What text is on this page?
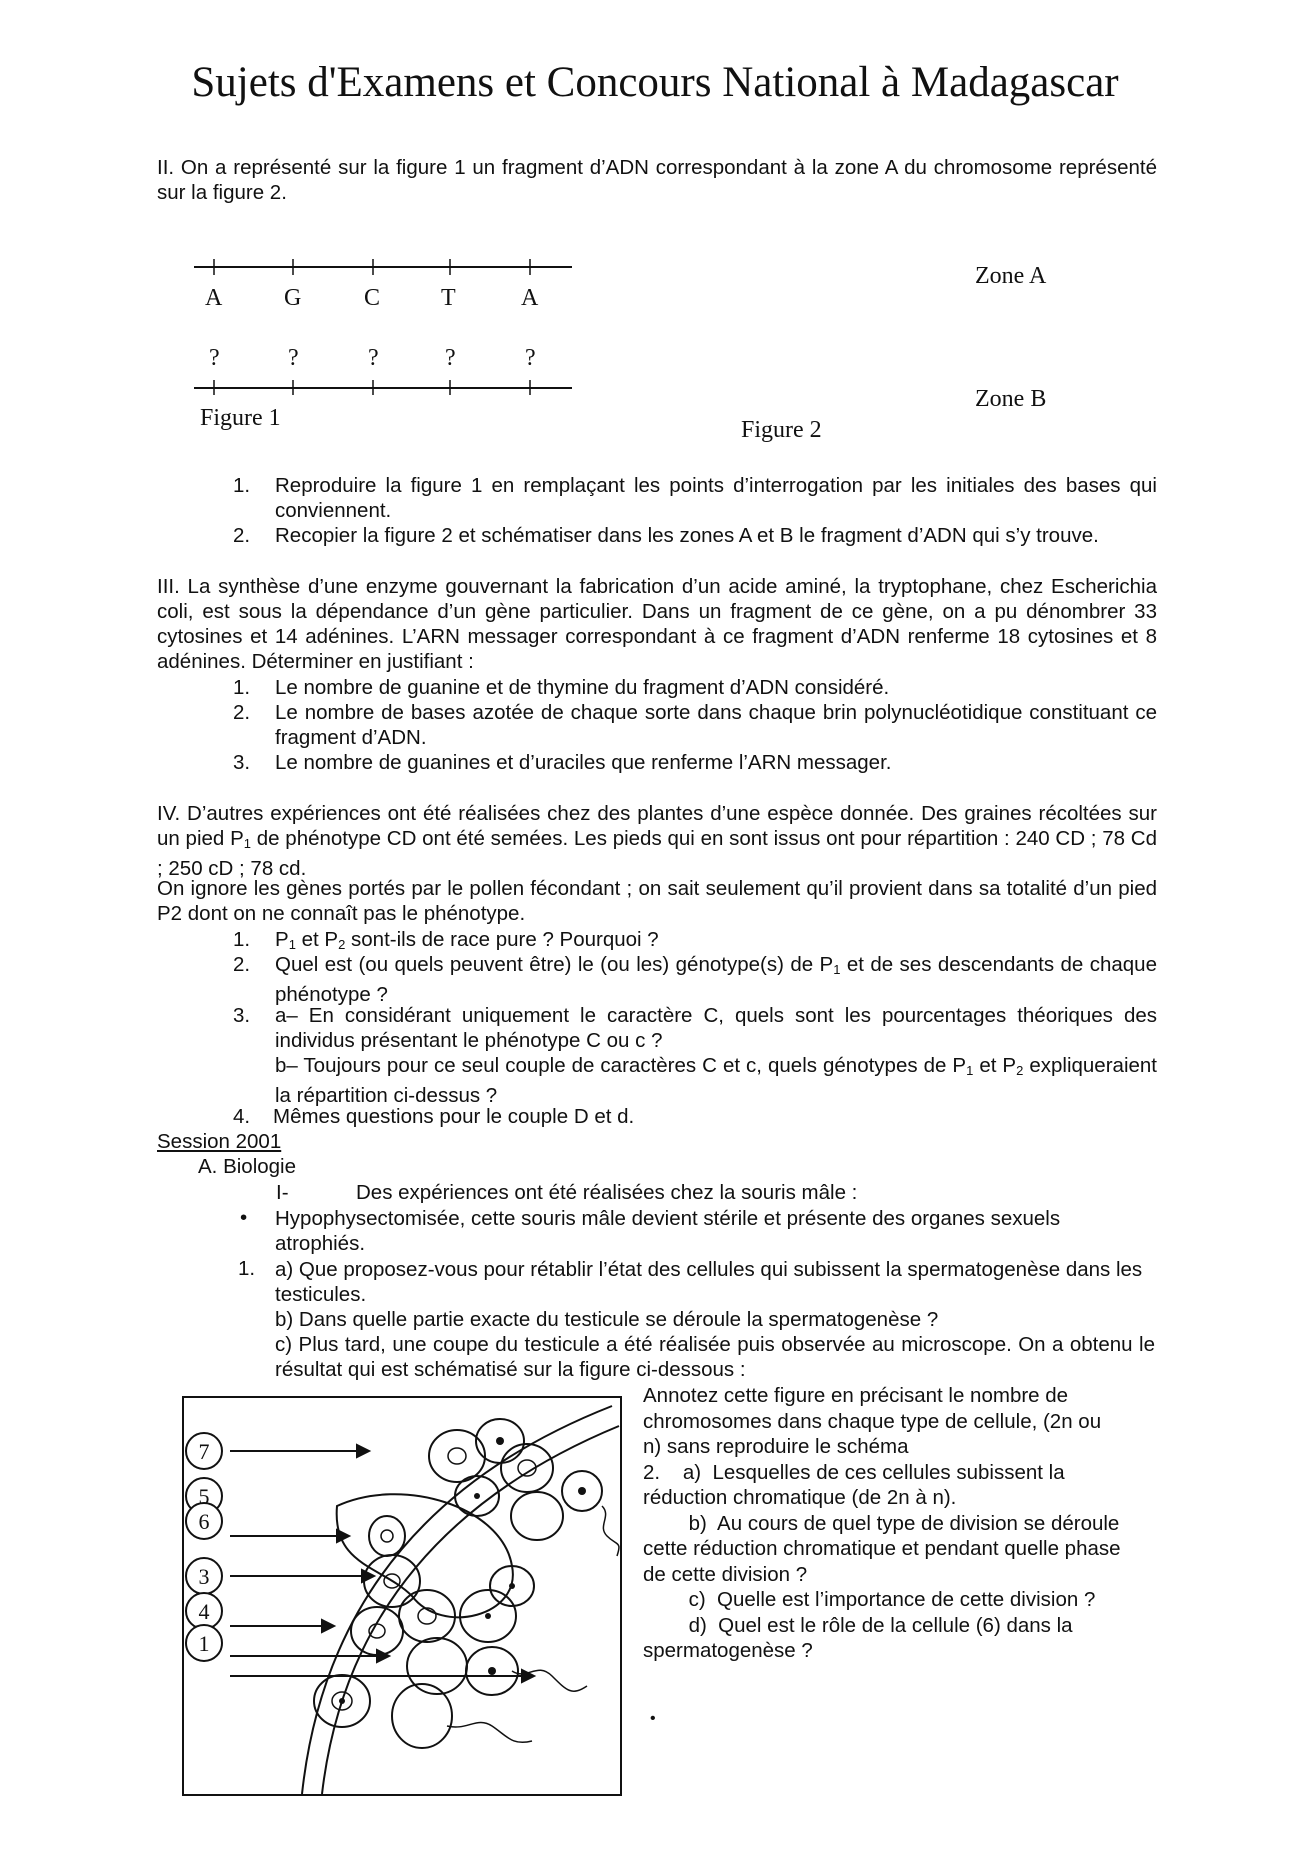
Sujets d'Examens et Concours National à Madagascar
II. On a représenté sur la figure 1 un fragment d’ADN correspondant à la zone A du chromosome représenté sur la figure 2.
A	G	C	T	A
?	?	?	?	?
Figure 1
Zone A
Zone B
Figure 2
1. Reproduire la figure 1 en remplaçant les points d’interrogation par les initiales des bases qui conviennent.
2. Recopier la figure 2 et schématiser dans les zones A et B le fragment d’ADN qui s’y trouve.
III. La synthèse d’une enzyme gouvernant la fabrication d’un acide aminé, la tryptophane, chez Escherichia coli, est sous la dépendance d’un gène particulier. Dans un fragment de ce gène, on a pu dénombrer 33 cytosines et 14 adénines. L’ARN messager correspondant à ce fragment d’ADN renferme 18 cytosines et 8 adénines. Déterminer en justifiant :
1. Le nombre de guanine et de thymine du fragment d’ADN considéré.
2. Le nombre de bases azotée de chaque sorte dans chaque brin polynucléotidique constituant ce fragment d’ADN.
3. Le nombre de guanines et d’uraciles que renferme l’ARN messager.
IV. D’autres expériences ont été réalisées chez des plantes d’une espèce donnée. Des graines récoltées sur un pied $P_1$ de phénotype CD ont été semées. Les pieds qui en sont issus ont pour répartition : 240 CD ; 78 Cd ; 250 cD ; 78 cd.
On ignore les gènes portés par le pollen fécondant ; on sait seulement qu’il provient dans sa totalité d’un pied P2 dont on ne connaît pas le phénotype.
1. $P_1$ et $P_2$ sont-ils de race pure ? Pourquoi ?
2. Quel est (ou quels peuvent être) le (ou les) génotype(s) de $P_1$ et de ses descendants de chaque phénotype ?
3. a– En considérant uniquement le caractère C, quels sont les pourcentages théoriques des individus présentant le phénotype C ou c ?
b– Toujours pour ce seul couple de caractères C et c, quels génotypes de $P_1$ et $P_2$ expliqueraient la répartition ci-dessus ?
4. Mêmes questions pour le couple D et d.
Session 2001
A. Biologie
I-	Des expériences ont été réalisées chez la souris mâle :
• Hypophysectomisée, cette souris mâle devient stérile et présente des organes sexuels atrophiés.
1. a) Que proposez-vous pour rétablir l’état des cellules qui subissent la spermatogenèse dans les testicules.
b) Dans quelle partie exacte du testicule se déroule la spermatogenèse ?
c) Plus tard, une coupe du testicule a été réalisée puis observée au microscope. On a obtenu le résultat qui est schématisé sur la figure ci-dessous :
Annotez cette figure en précisant le nombre de
chromosomes dans chaque type de cellule, (2n ou
n) sans reproduire le schéma
2.    a)  Lesquelles de ces cellules subissent la
réduction chromatique (de 2n à n).
b)  Au cours de quel type de division se déroule
cette réduction chromatique et pendant quelle phase
de cette division ?
c)  Quelle est l’importance de cette division ?
d)  Quel est le rôle de la cellule (6) dans la
spermatogenèse ?
7
5
6
3
4
1
•
